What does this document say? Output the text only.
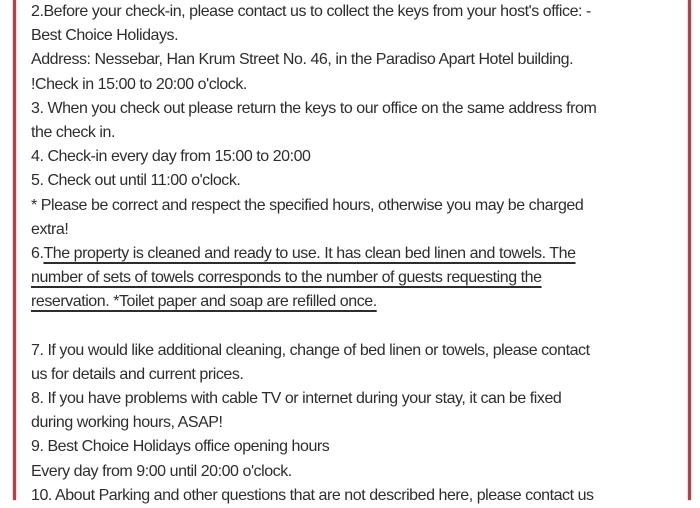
2.Before your check-in, please contact us to collect the keys from your host's office: -
Best Choice Holidays.
Address: Nessebar, Han Krum Street No. 46, in the Paradiso Apart Hotel building.
!Check in 15:00 to 20:00 o'clock.
3. When you check out please return the keys to our office on the same address from
the check in.
4. Check-in every day from 15:00 to 20:00
5. Check out until 11:00 o'clock.
* Please be correct and respect the specified hours, otherwise you may be charged
extra!
6.The property is cleaned and ready to use. It has clean bed linen and towels. The
number of sets of towels corresponds to the number of guests requesting the
reservation. *Toilet paper and soap are refilled once.
7. If you would like additional cleaning, change of bed linen or towels, please contact
us for details and current prices.
8. If you have problems with cable TV or internet during your stay, it can be fixed
during working hours, ASAP!
9. Best Choice Holidays office opening hours
Every day from 9:00 until 20:00 o'clock.
10. About Parking and other questions that are not described here, please contact us
